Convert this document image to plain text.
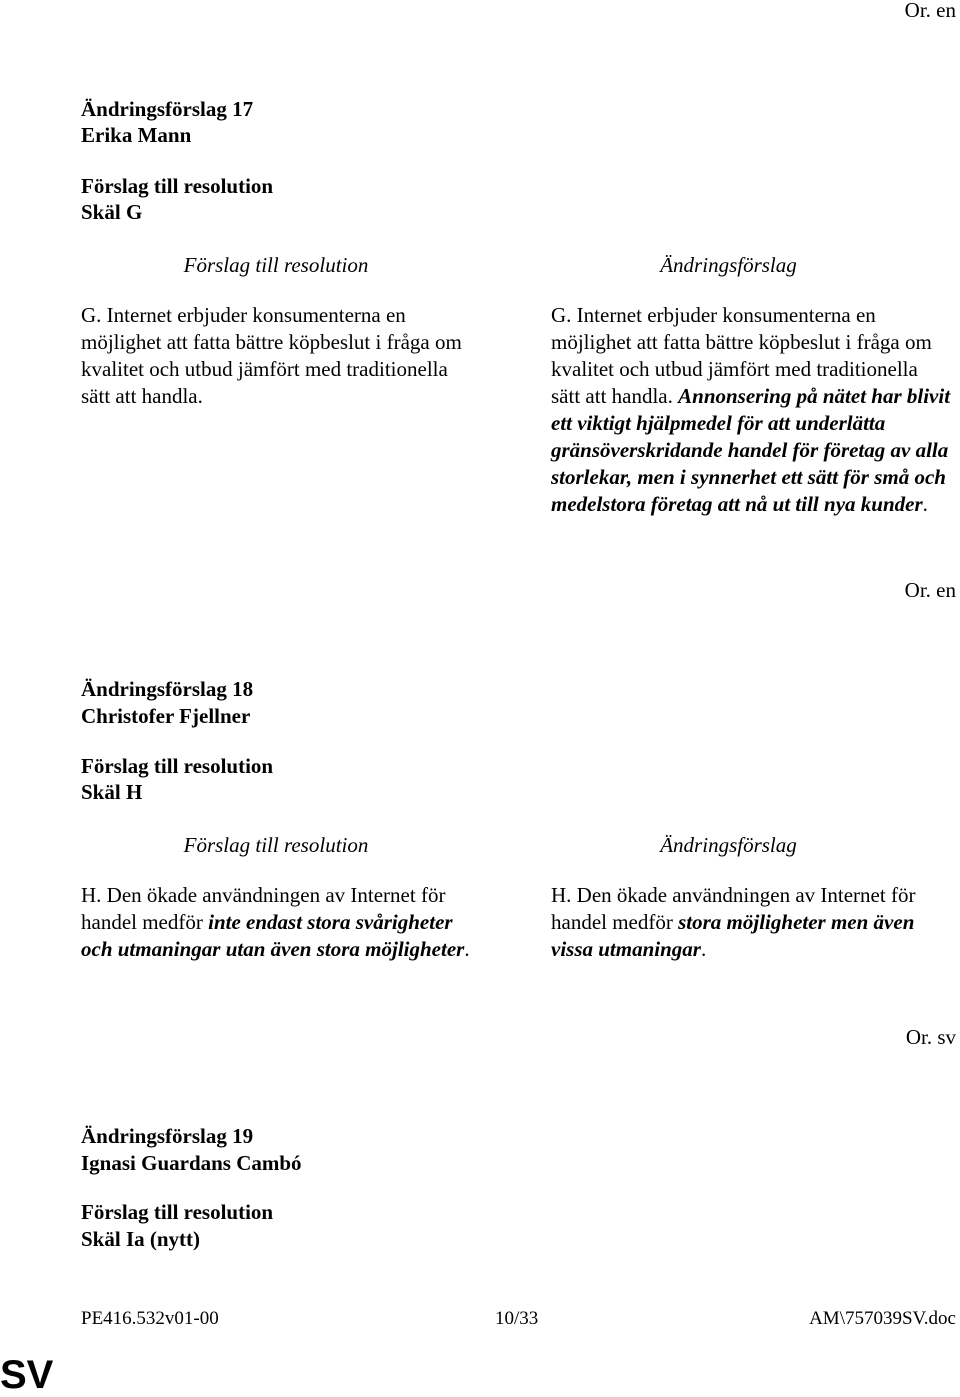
Or. en
Ändringsförslag 17
Erika Mann
Förslag till resolution
Skäl G
Förslag till resolution	Ändringsförslag
G. Internet erbjuder konsumenterna en möjlighet att fatta bättre köpbeslut i fråga om kvalitet och utbud jämfört med traditionella sätt att handla.
G. Internet erbjuder konsumenterna en möjlighet att fatta bättre köpbeslut i fråga om kvalitet och utbud jämfört med traditionella sätt att handla. Annonsering på nätet har blivit ett viktigt hjälpmedel för att underlätta gränsöverskridande handel för företag av alla storlekar, men i synnerhet ett sätt för små och medelstora företag att nå ut till nya kunder.
Or. en
Ändringsförslag 18
Christofer Fjellner
Förslag till resolution
Skäl H
Förslag till resolution	Ändringsförslag
H. Den ökade användningen av Internet för handel medför inte endast stora svårigheter och utmaningar utan även stora möjligheter.
H. Den ökade användningen av Internet för handel medför stora möjligheter men även vissa utmaningar.
Or. sv
Ändringsförslag 19
Ignasi Guardans Cambó
Förslag till resolution
Skäl Ia (nytt)
PE416.532v01-00	10/33	AM\757039SV.doc
SV
